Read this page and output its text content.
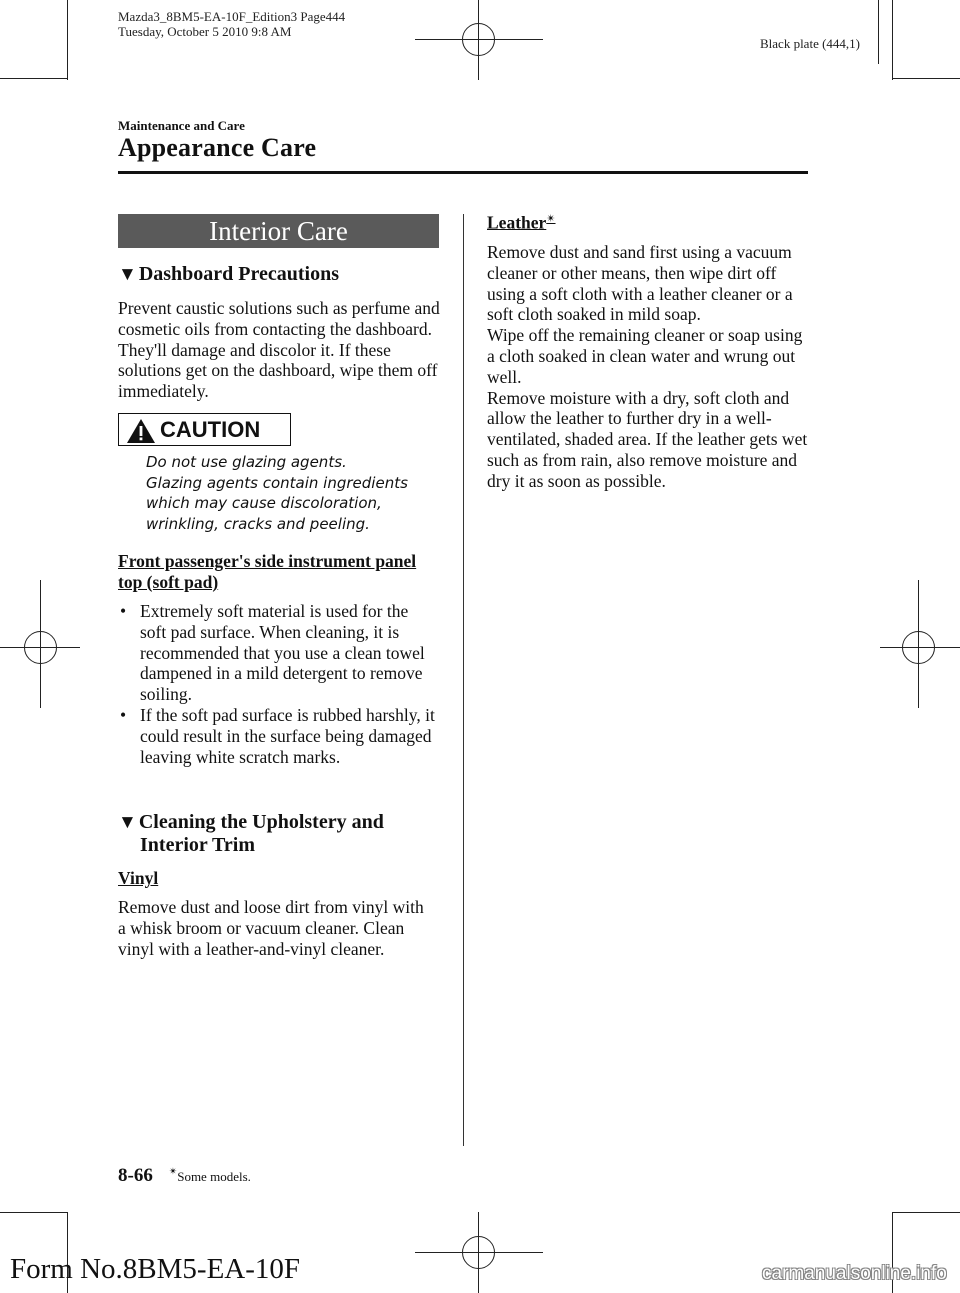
Mazda3_8BM5-EA-10F_Edition3 Page444
Tuesday, October 5 2010 9:8 AM
Black plate (444,1)
Maintenance and Care
Appearance Care
Interior Care
▼ Dashboard Precautions
Prevent caustic solutions such as perfume and cosmetic oils from contacting the dashboard. They'll damage and discolor it. If these solutions get on the dashboard, wipe them off immediately.
CAUTION
Do not use glazing agents.
Glazing agents contain ingredients which may cause discoloration, wrinkling, cracks and peeling.
Front passenger's side instrument panel top (soft pad)
• Extremely soft material is used for the soft pad surface. When cleaning, it is recommended that you use a clean towel dampened in a mild detergent to remove soiling.
• If the soft pad surface is rubbed harshly, it could result in the surface being damaged leaving white scratch marks.
▼ Cleaning the Upholstery and
Interior Trim
Vinyl
Remove dust and loose dirt from vinyl with a whisk broom or vacuum cleaner. Clean vinyl with a leather-and-vinyl cleaner.
Leather✴
Remove dust and sand first using a vacuum cleaner or other means, then wipe dirt off using a soft cloth with a leather cleaner or a soft cloth soaked in mild soap.
Wipe off the remaining cleaner or soap using a cloth soaked in clean water and wrung out well.
Remove moisture with a dry, soft cloth and allow the leather to further dry in a well-ventilated, shaded area. If the leather gets wet such as from rain, also remove moisture and dry it as soon as possible.
8-66 ✴Some models.
Form No.8BM5-EA-10F	carmanualsonline.info
